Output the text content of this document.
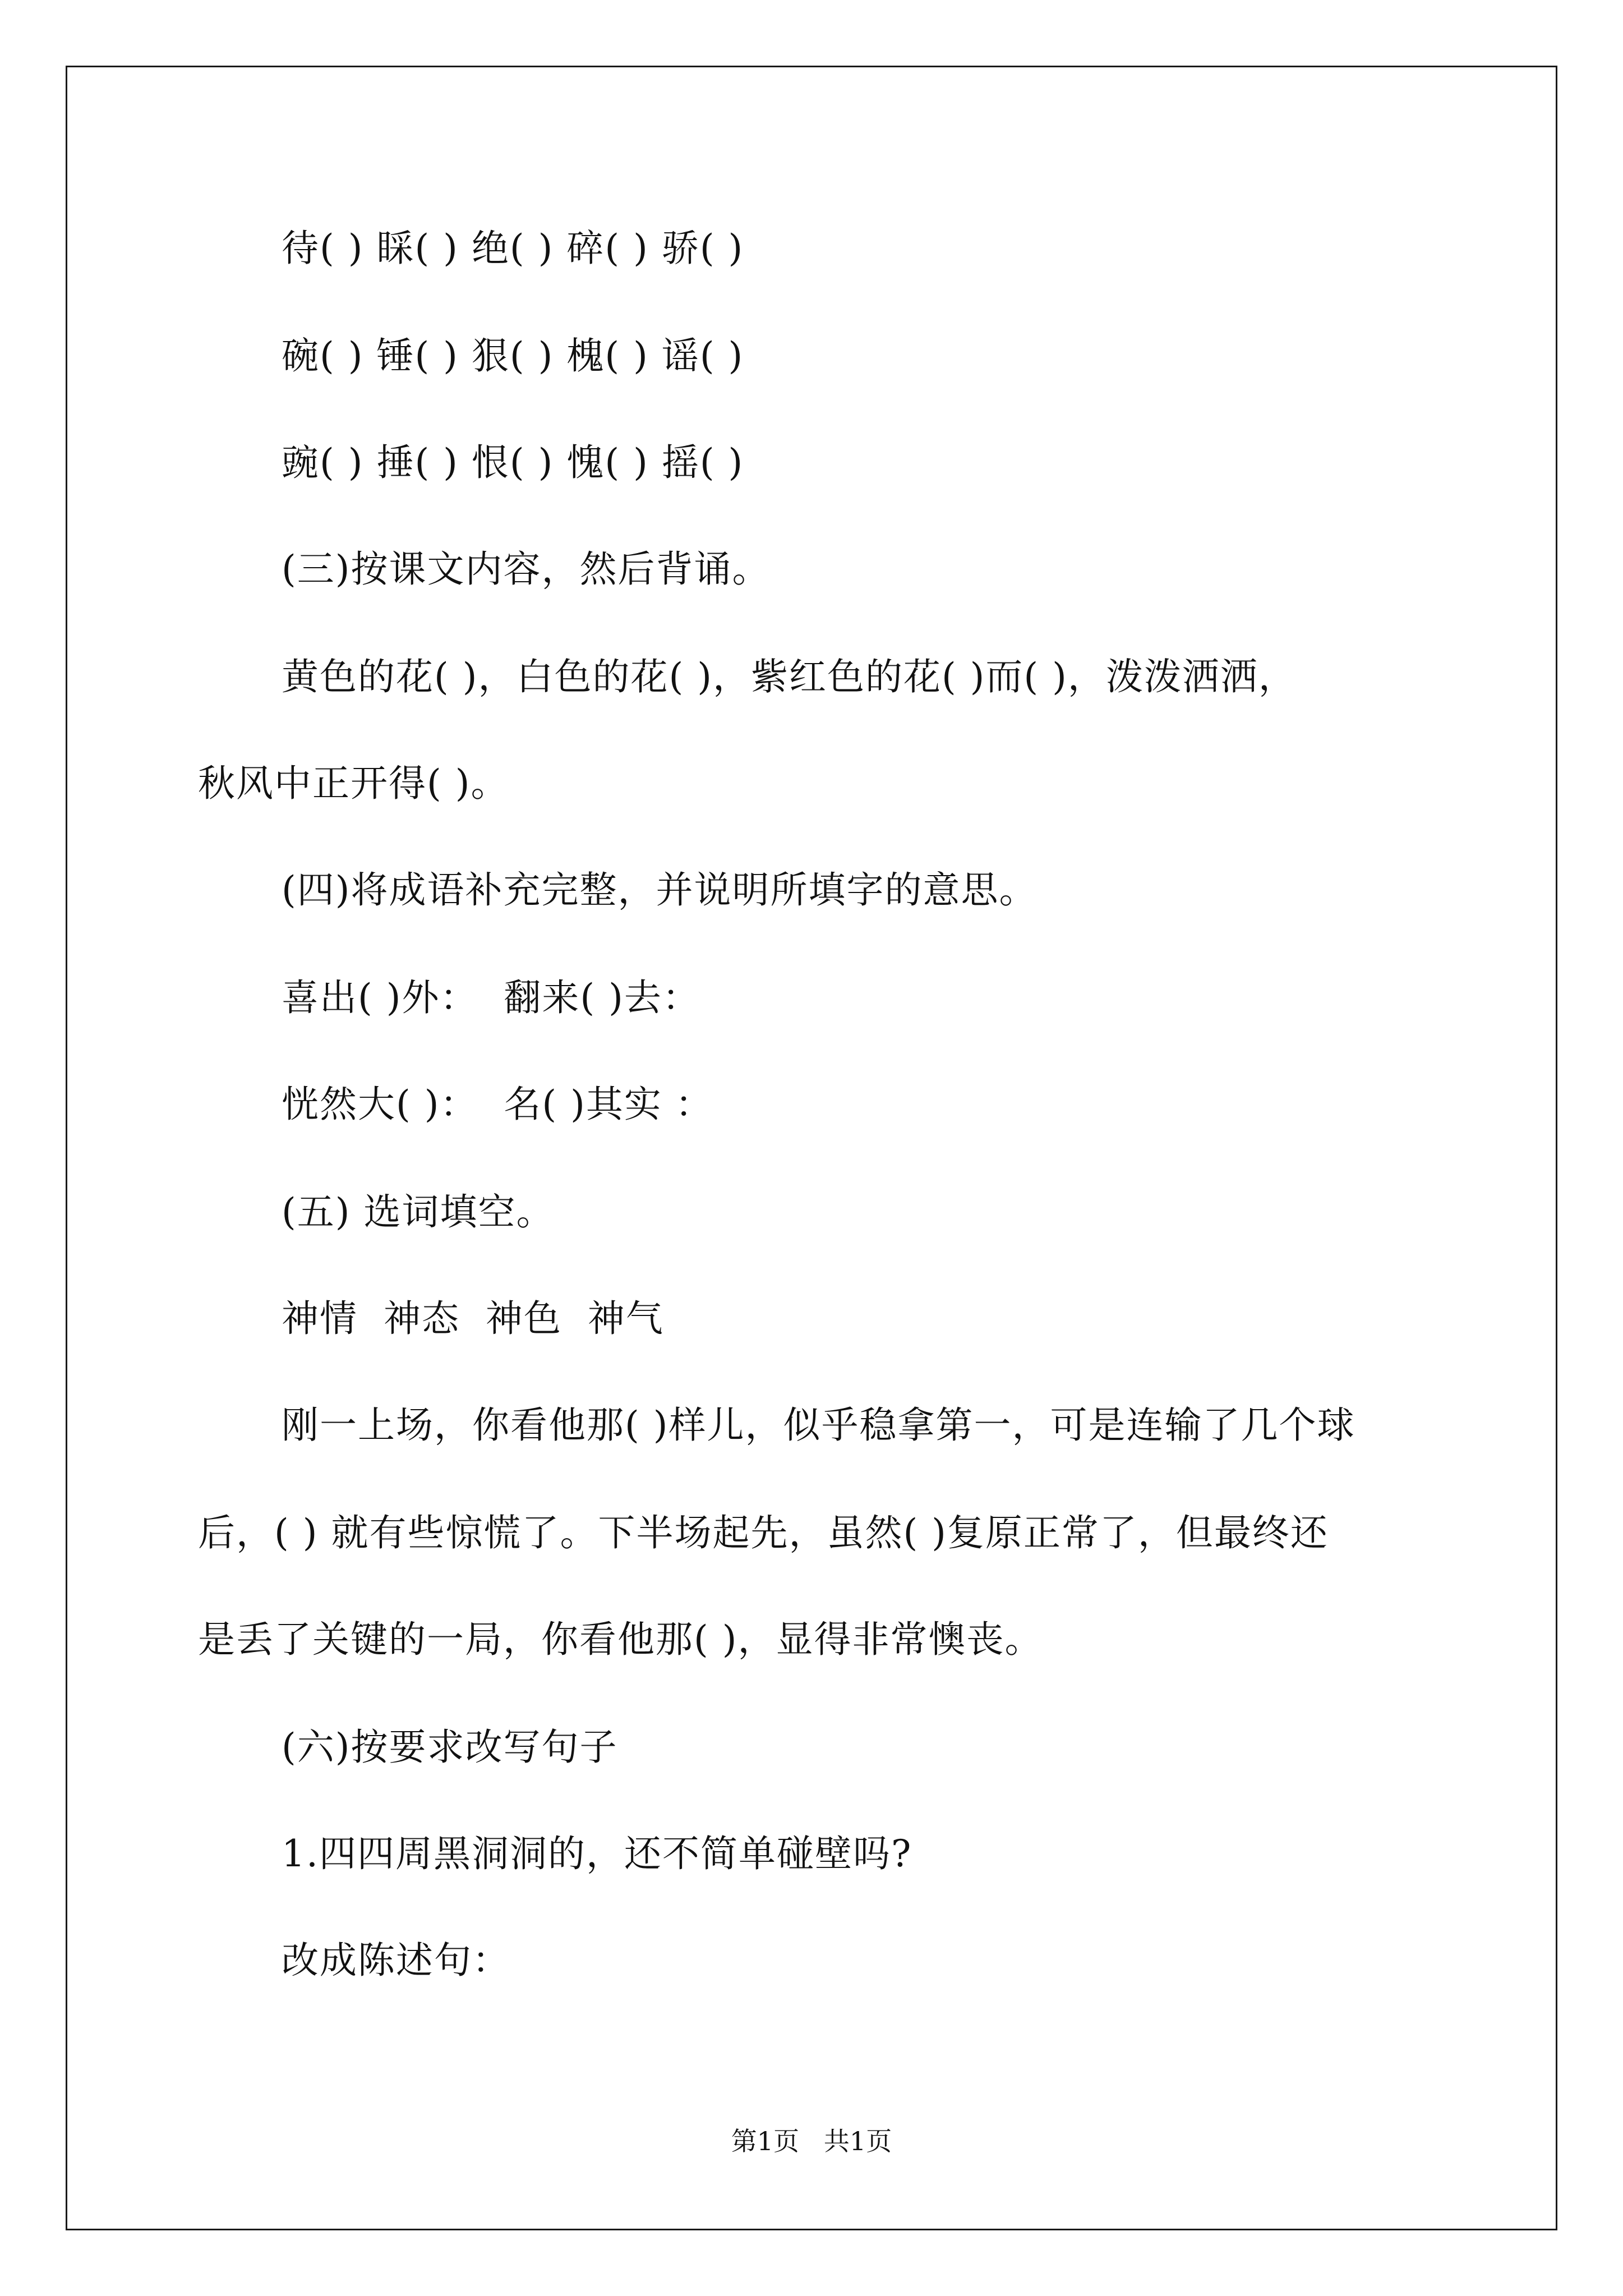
待( ) 睬( ) 绝( ) 碎( ) 骄( )
碗( ) 锤( ) 狠( ) 槐( ) 谣( )
豌( ) 捶( ) 恨( ) 愧( ) 摇( )
(三)按课文内容，然后背诵。
黄色的花( )，白色的花( )，紫红色的花( )而( )，泼泼洒洒，
秋风中正开得( )。
(四)将成语补充完整，并说明所填字的意思。
喜出( )外：  翻来( )去：
恍然大( )：  名( )其实 ：
(五) 选词填空。
神情  神态  神色  神气
刚一上场，你看他那( )样儿，似乎稳拿第一，可是连输了几个球
后，( ) 就有些惊慌了。下半场起先，虽然( )复原正常了，但最终还
是丢了关键的一局，你看他那( )，显得非常懊丧。
(六)按要求改写句子
1.四四周黑洞洞的，还不简单碰壁吗?
改成陈述句：
第1页   共1页
